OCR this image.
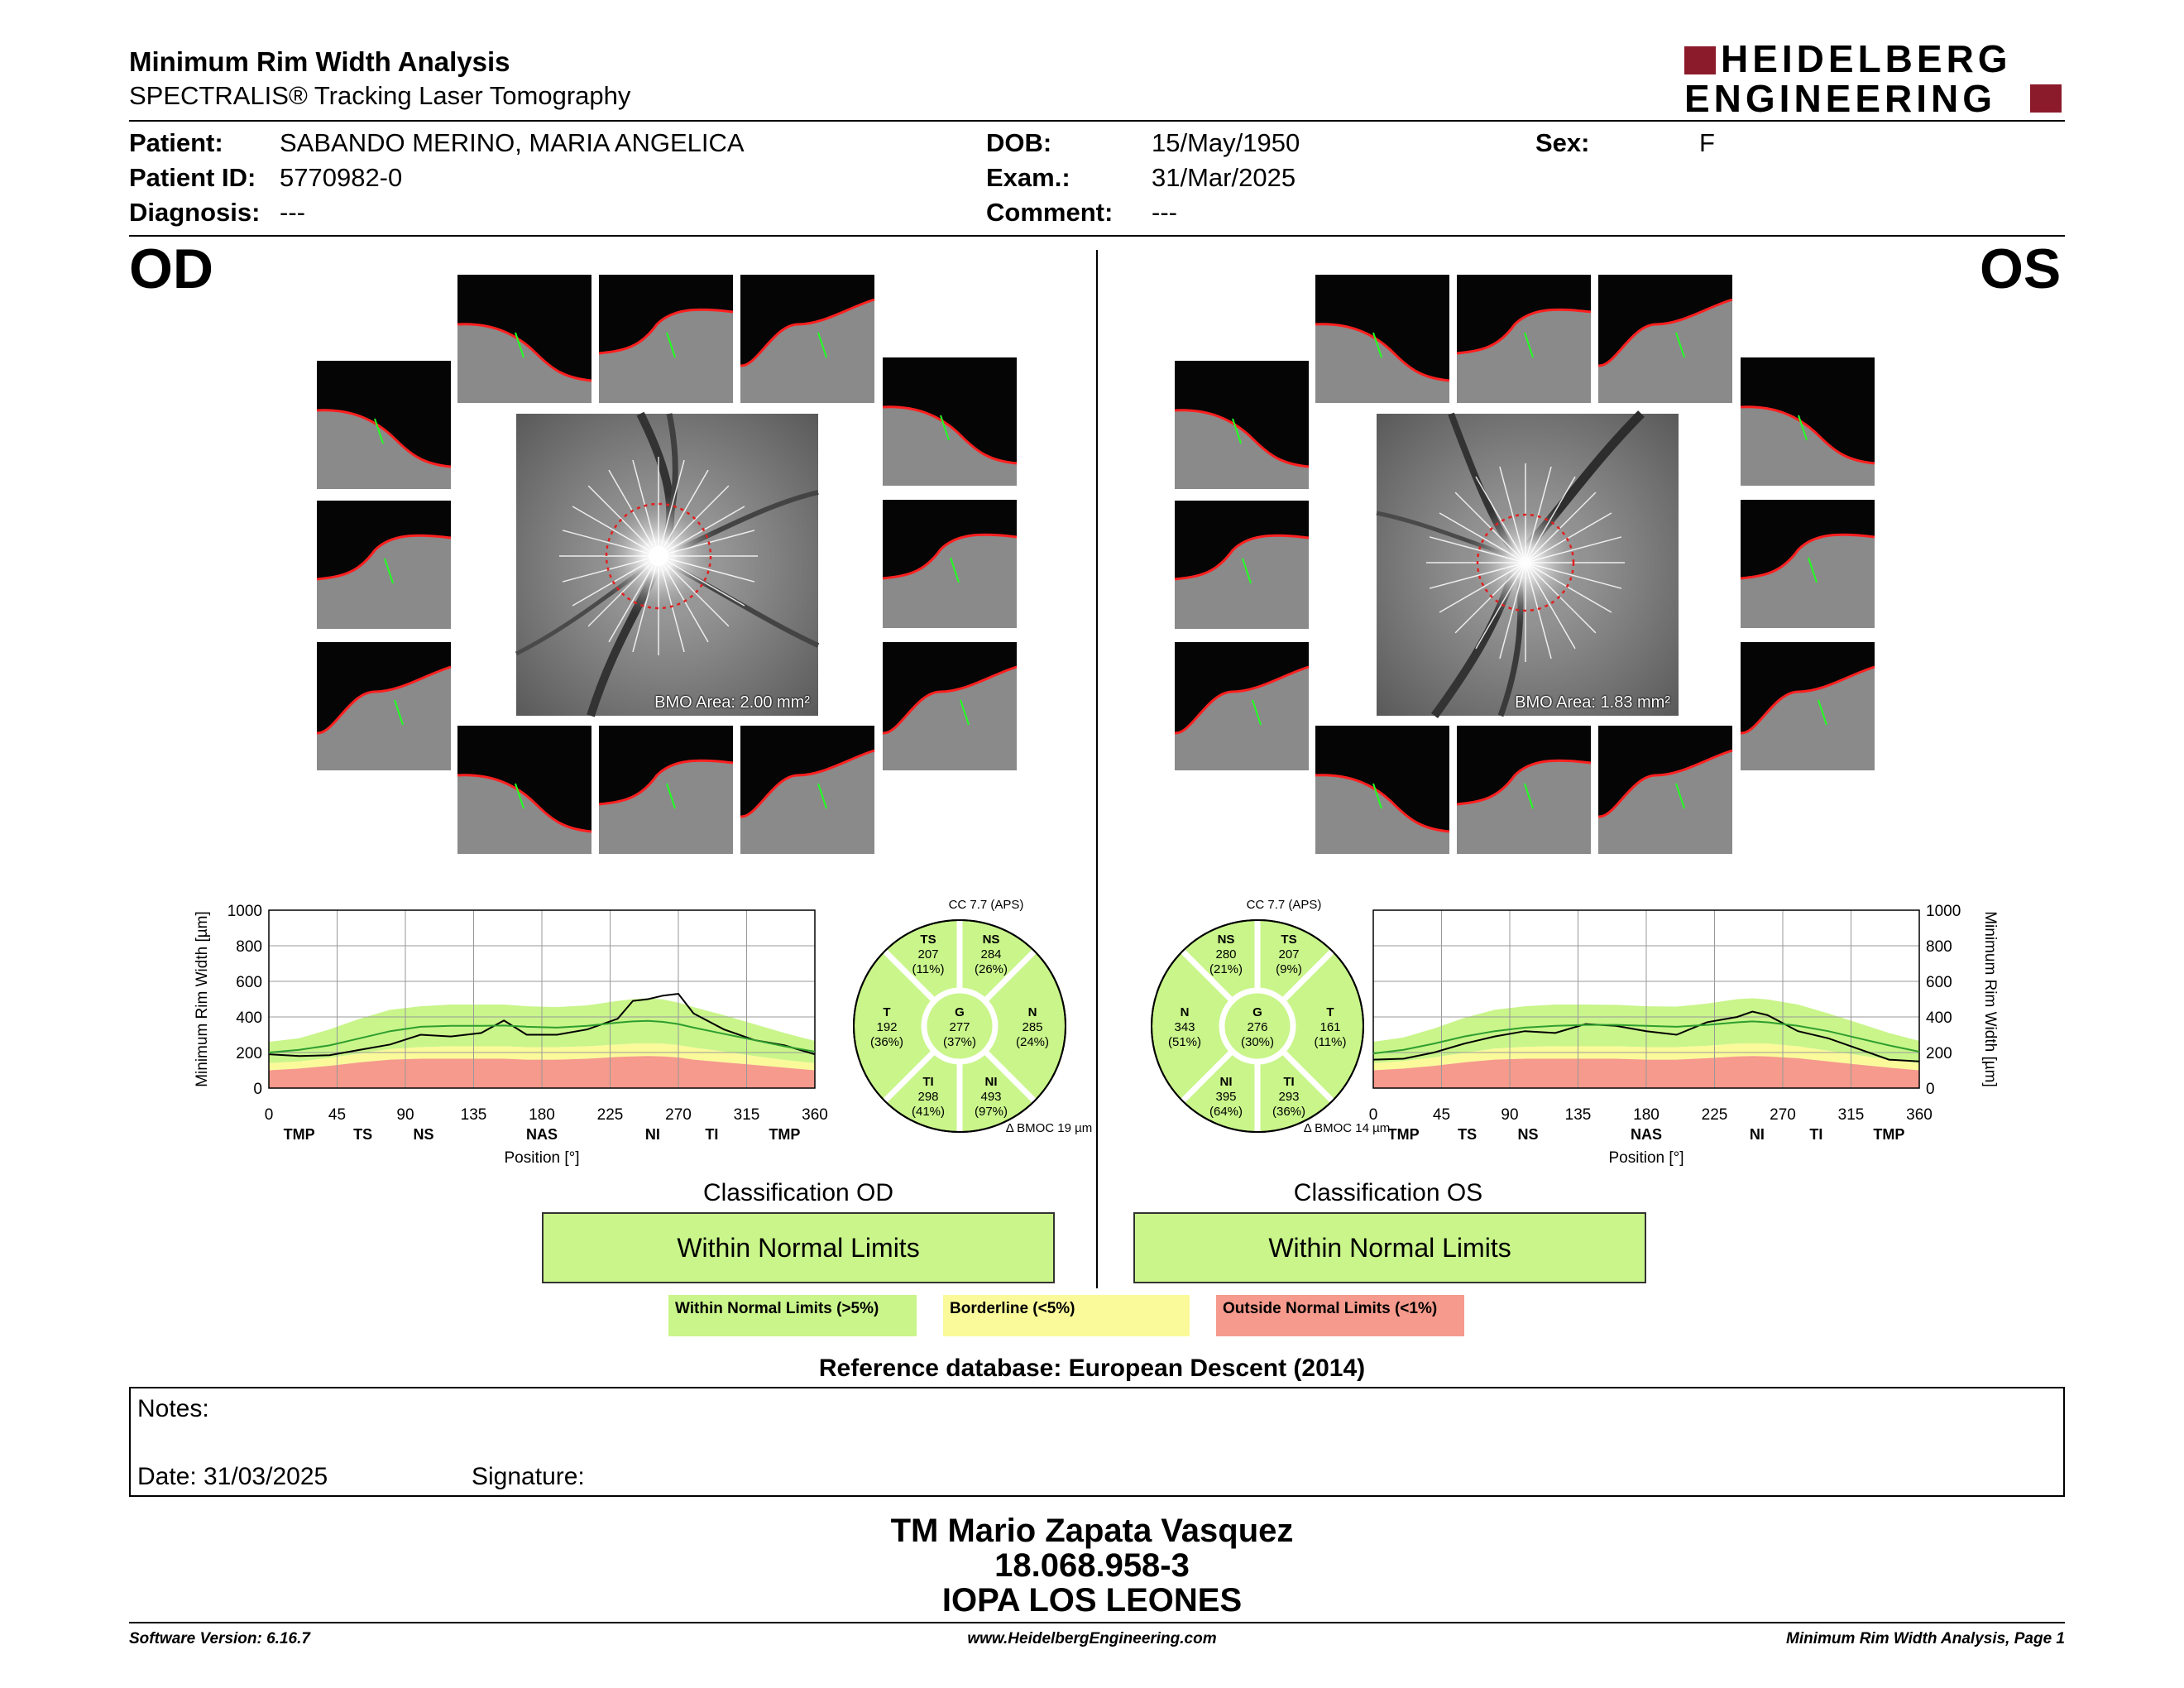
Minimum Rim Width Analysis
SPECTRALIS® Tracking Laser Tomography
HEIDELBERG
ENGINEERING
Patient: SABANDO MERINO, MARIA ANGELICA
Patient ID: 5770982-0
Diagnosis: ---
DOB:	15/May/1950
Exam.:	31/Mar/2025
Comment: ---
Sex:	F
OD	OS
BMO Area: 2.00 mm²	BMO Area: 1.83 mm²
0	45	90	135	180	225	270	315	360
0
200
400
600
800
1000
TMP	TS	NS	NAS	NI	TI	TMP
Position [°]
Minimum Rim Width [µm]
0	45	90	135	180	225	270	315	360
0
200
400
600
800
1000
TMP	TS	NS	NAS	NI	TI	TMP
Position [°]
Minimum Rim Width [µm]
CC 7.7 (APS)
Δ BMOC 19 µm
TS
207
(11%)
NS
284
(26%)
T
192
(36%)
G
277
(37%)
N
285
(24%)
TI
298
(41%)
NI
493
(97%)
CC 7.7 (APS)
Δ BMOC 14 µm
NS
280
(21%)
TS
207
(9%)
N
343
(51%)
G
276
(30%)
T
161
(11%)
NI
395
(64%)
TI
293
(36%)
Classification OD
Within Normal Limits
Classification OS
Within Normal Limits
Within Normal Limits (>5%)	Borderline (<5%)	Outside Normal Limits (<1%)
Reference database: European Descent (2014)
Notes:
Date: 31/03/2025	Signature:
TM Mario Zapata Vasquez
18.068.958-3
IOPA LOS LEONES
Software Version: 6.16.7	www.HeidelbergEngineering.com	Minimum Rim Width Analysis, Page 1
